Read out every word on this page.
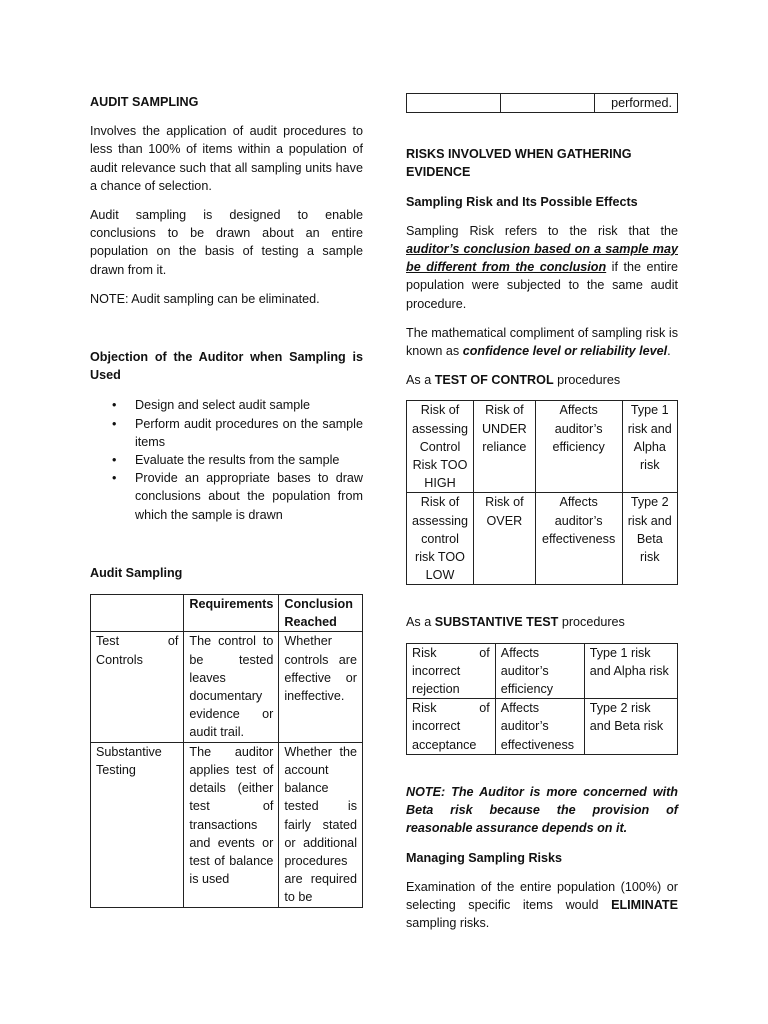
AUDIT SAMPLING

Involves the application of audit procedures to less than 100% of items within a population of audit relevance such that all sampling units have a chance of selection.

Audit sampling is designed to enable conclusions to be drawn about an entire population on the basis of testing a sample drawn from it.

NOTE: Audit sampling can be eliminated.

Objection of the Auditor when Sampling is Used

• Design and select audit sample
• Perform audit procedures on the sample items
• Evaluate the results from the sample
• Provide an appropriate bases to draw conclusions about the population from which the sample is drawn

Audit Sampling

	Requirements	Conclusion Reached
Test of Controls	The control to be tested leaves documentary evidence or audit trail.	Whether controls are effective or ineffective.
Substantive Testing	The auditor applies test of details (either test of transactions and events or test of balance is used	Whether the account balance tested is fairly stated or additional procedures are required to be
		performed.

RISKS INVOLVED WHEN GATHERING EVIDENCE

Sampling Risk and Its Possible Effects

Sampling Risk refers to the risk that the auditor’s conclusion based on a sample may be different from the conclusion if the entire population were subjected to the same audit procedure.

The mathematical compliment of sampling risk is known as confidence level or reliability level.

As a TEST OF CONTROL procedures

Risk of assessing Control Risk TOO HIGH	Risk of UNDER reliance	Affects auditor’s efficiency	Type 1 risk and Alpha risk
Risk of assessing control risk TOO LOW	Risk of OVER	Affects auditor’s effectiveness	Type 2 risk and Beta risk

As a SUBSTANTIVE TEST procedures

Risk of incorrect rejection	Affects auditor’s efficiency	Type 1 risk and Alpha risk
Risk of incorrect acceptance	Affects auditor’s effectiveness	Type 2 risk and Beta risk

NOTE: The Auditor is more concerned with Beta risk because the provision of reasonable assurance depends on it.

Managing Sampling Risks

Examination of the entire population (100%) or selecting specific items would ELIMINATE sampling risks.
